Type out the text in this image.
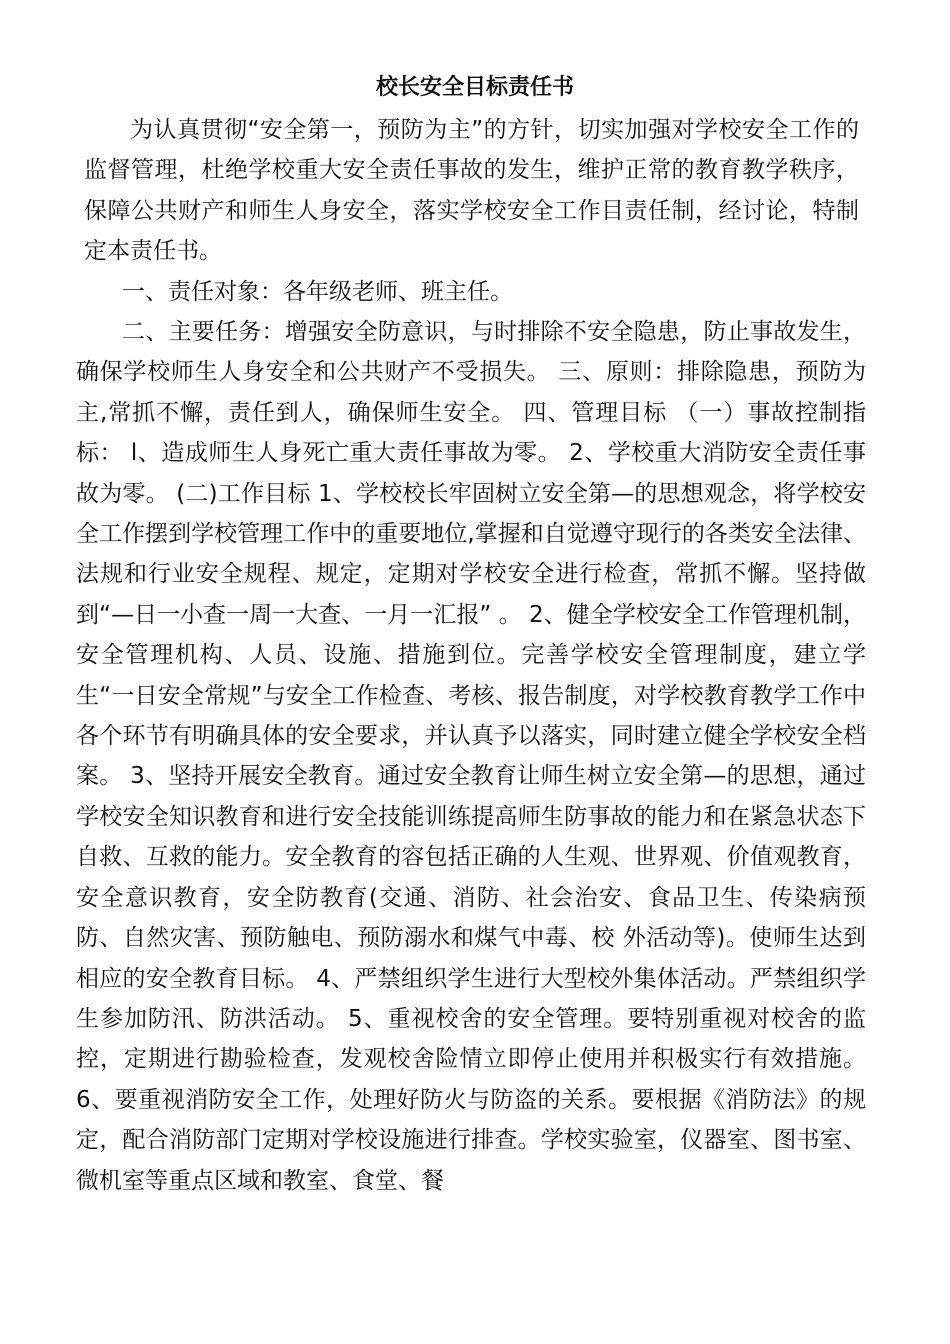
校长安全目标责任书

为认真贯彻“安全第一，预防为主”的方针，切实加强对学校安全工作的监督管理，杜绝学校重大安全责任事故的发生，维护正常的教育教学秩序，保障公共财产和师生人身安全，落实学校安全工作目责任制，经讨论，特制定本责任书。

一、责任对象：各年级老师、班主任。

二、主要任务：增强安全防意识，与时排除不安全隐患，防止事故发生，确保学校师生人身安全和公共财产不受损失。 三、原则：排除隐患，预防为主,常抓不懈，责任到人，确保师生安全。 四、管理目标 （一）事故控制指标： l、造成师生人身死亡重大责任事故为零。 2、学校重大消防安全责任事故为零。 (二)工作目标 1、学校校长牢固树立安全第—的思想观念，将学校安全工作摆到学校管理工作中的重要地位,掌握和自觉遵守现行的各类安全法律、法规和行业安全规程、规定，定期对学校安全进行检查，常抓不懈。坚持做到“—日一小查一周一大查、一月一汇报” 。 2、健全学校安全工作管理机制，安全管理机构、人员、设施、措施到位。完善学校安全管理制度，建立学生“一日安全常规”与安全工作检查、考核、报告制度，对学校教育教学工作中各个环节有明确具体的安全要求，并认真予以落实，同时建立健全学校安全档案。 3、坚持开展安全教育。通过安全教育让师生树立安全第—的思想，通过学校安全知识教育和进行安全技能训练提高师生防事故的能力和在紧急状态下自救、互救的能力。安全教育的容包括正确的人生观、世界观、价值观教育，安全意识教育，安全防教育(交通、消防、社会治安、食品卫生、传染病预防、自然灾害、预防触电、预防溺水和煤气中毒、校 外活动等)。使师生达到相应的安全教育目标。 4、严禁组织学生进行大型校外集体活动。严禁组织学生参加防汛、防洪活动。 5、重视校舍的安全管理。要特别重视对校舍的监控，定期进行勘验检查，发观校舍险情立即停止使用并积极实行有效措施。 6、要重视消防安全工作，处理好防火与防盗的关系。要根据《消防法》的规定，配合消防部门定期对学校设施进行排查。学校实验室，仪器室、图书室、微机室等重点区域和教室、食堂、餐
